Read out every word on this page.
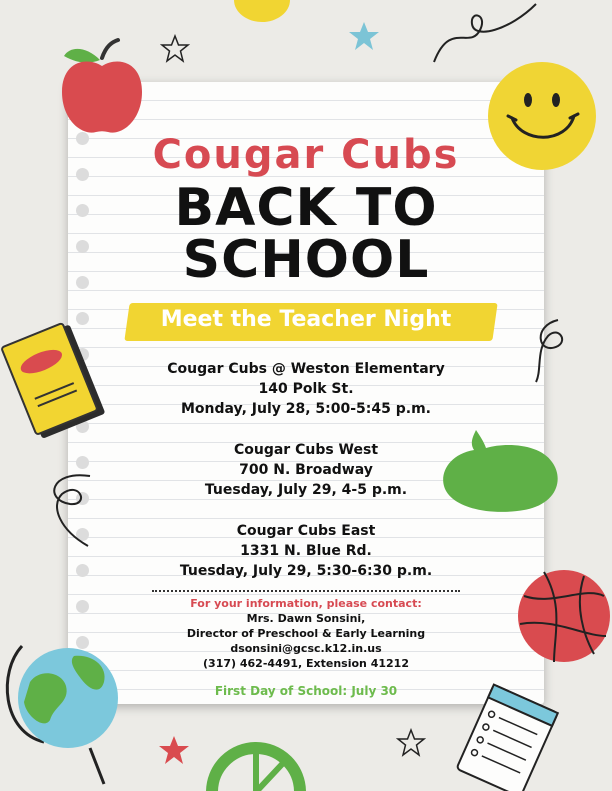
Cougar Cubs
BACK TO
SCHOOL
Meet the Teacher Night
Cougar Cubs @ Weston Elementary
140 Polk St.
Monday, July 28, 5:00-5:45 p.m.
Cougar Cubs West
700 N. Broadway
Tuesday, July 29, 4-5 p.m.
Cougar Cubs East
1331 N. Blue Rd.
Tuesday, July 29, 5:30-6:30 p.m.
For your information, please contact:
Mrs. Dawn Sonsini,
Director of Preschool & Early Learning
dsonsini@gcsc.k12.in.us
(317) 462-4491, Extension 41212
First Day of School: July 30
